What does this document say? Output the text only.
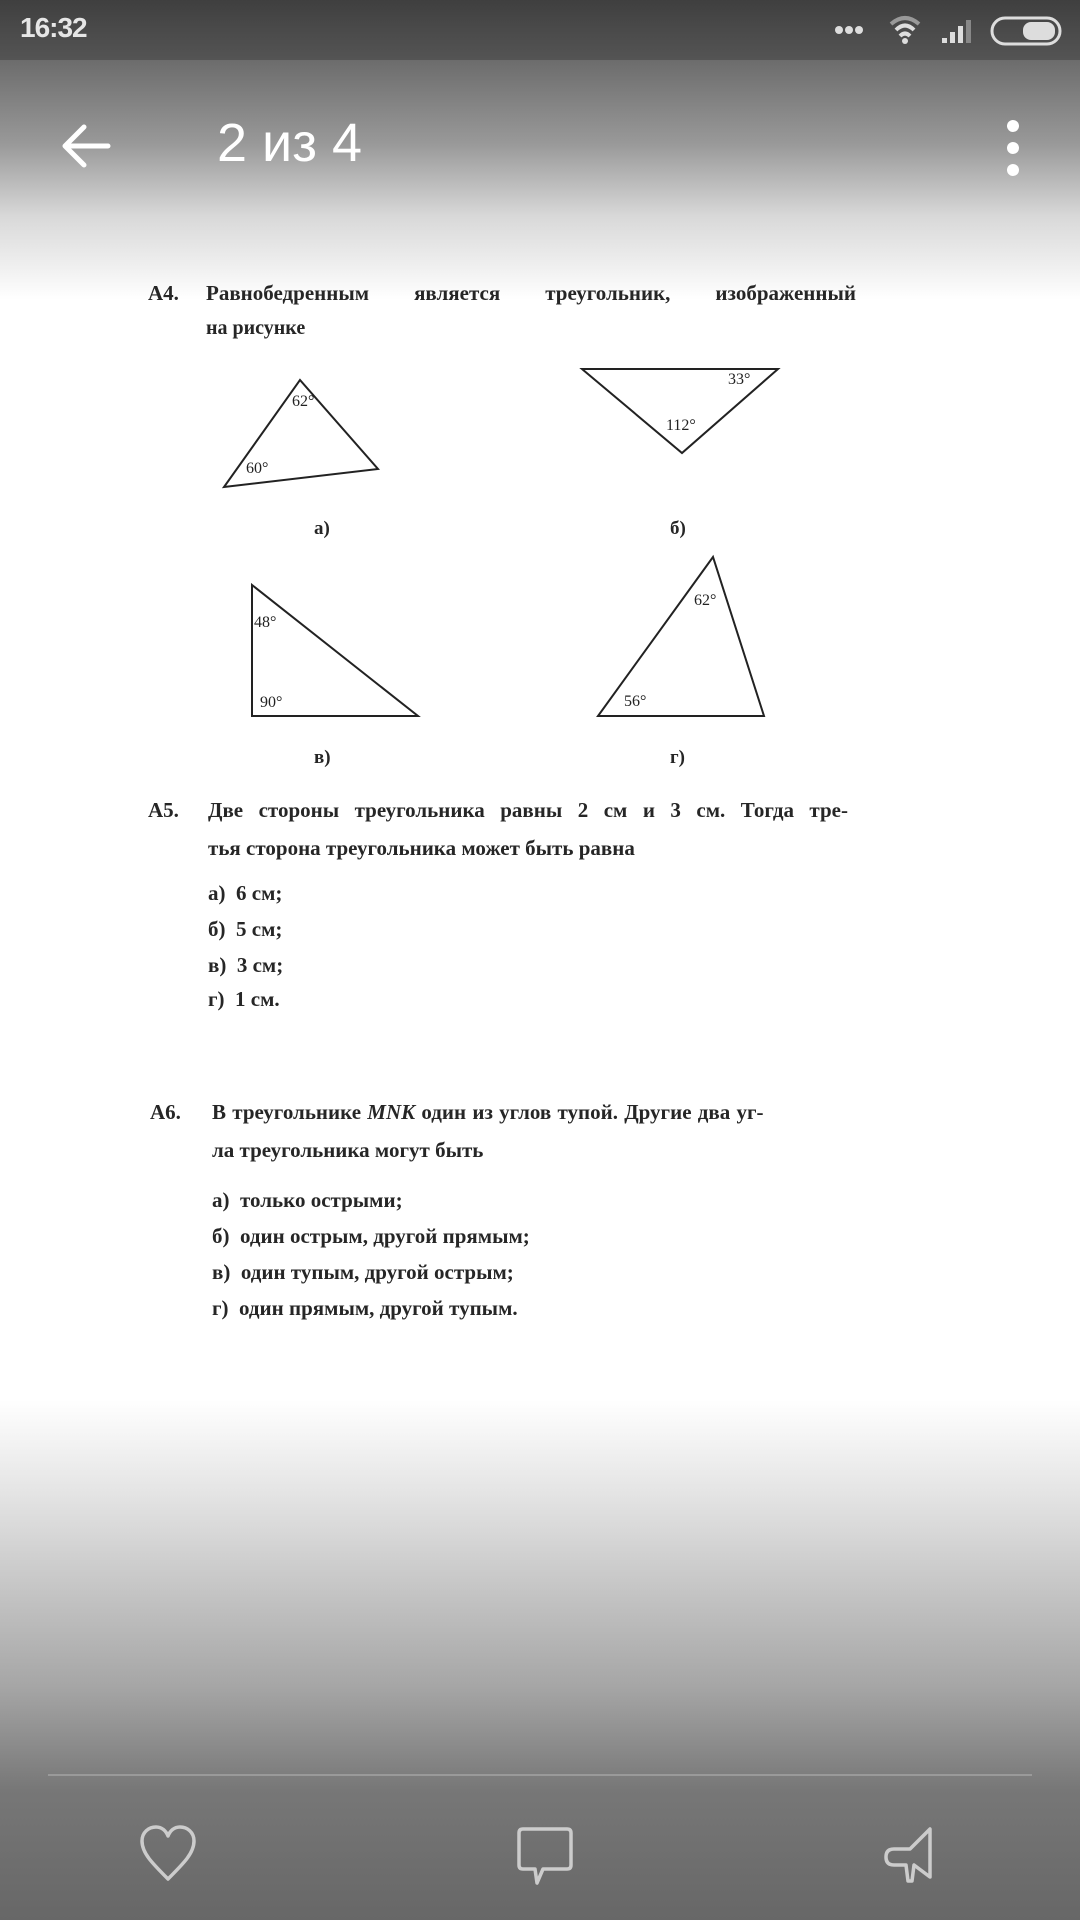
16:32
2 из 4
А4. Равнобедренным является треугольник, изображенный
на рисунке
62°
60°
а)
33°
112°
б)
48°
90°
в)
62°
56°
г)
А5. Две стороны треугольника равны 2 см и 3 см. Тогда тре-
тья сторона треугольника может быть равна
а)  6 см;
б)  5 см;
в)  3 см;
г)  1 см.
А6. В треугольнике MNK один из углов тупой. Другие два уг-
ла треугольника могут быть
а)  только острыми;
б)  один острым, другой прямым;
в)  один тупым, другой острым;
г)  один прямым, другой тупым.
